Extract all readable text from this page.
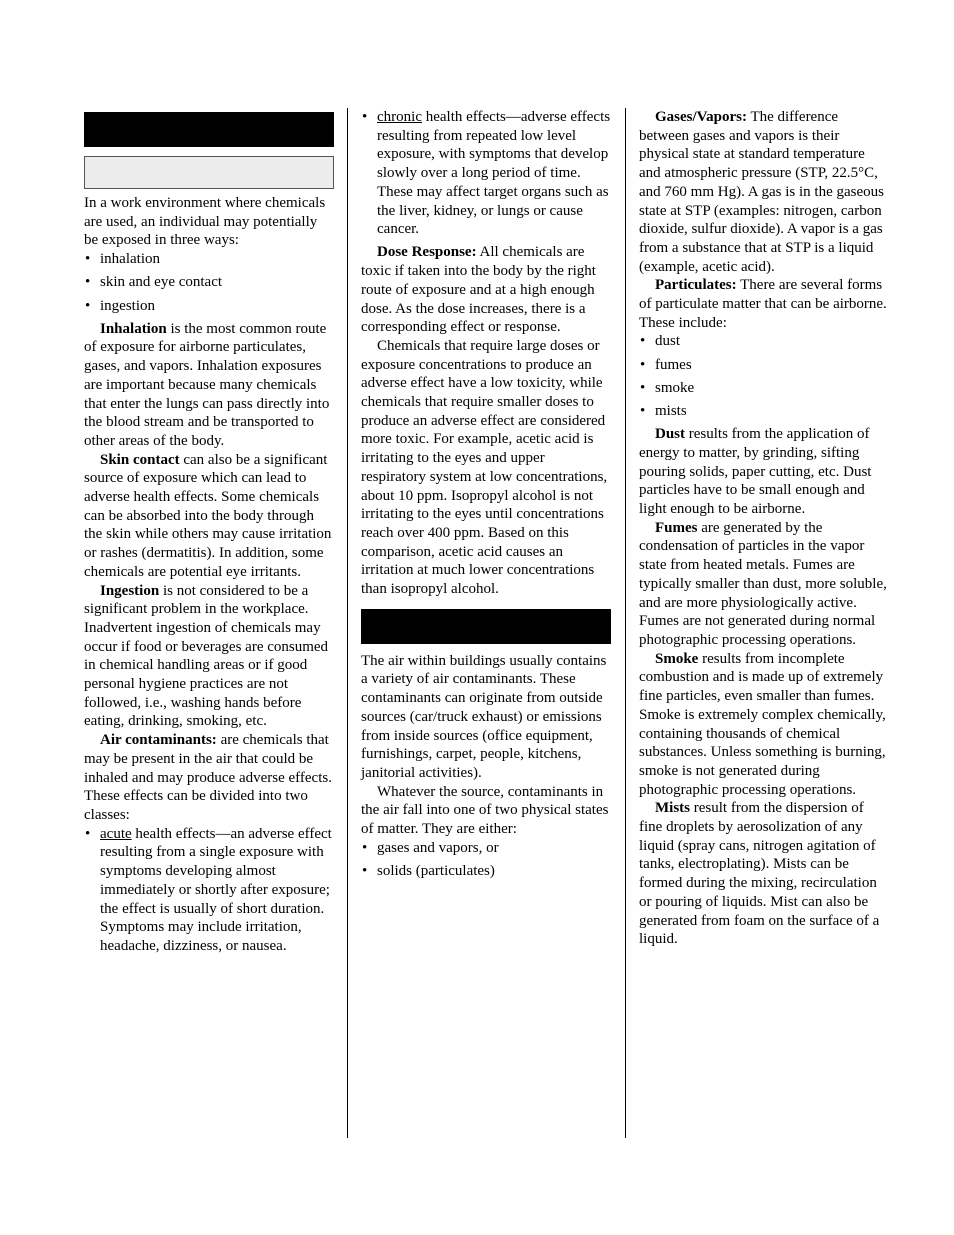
In a work environment where chemicals are used, an individual may potentially be exposed in three ways:

• inhalation
• skin and eye contact
• ingestion

Inhalation is the most common route of exposure for airborne particulates, gases, and vapors. Inhalation exposures are important because many chemicals that enter the lungs can pass directly into the blood stream and be transported to other areas of the body.

Skin contact can also be a significant source of exposure which can lead to adverse health effects. Some chemicals can be absorbed into the body through the skin while others may cause irritation or rashes (dermatitis). In addition, some chemicals are potential eye irritants.

Ingestion is not considered to be a significant problem in the workplace. Inadvertent ingestion of chemicals may occur if food or beverages are consumed in chemical handling areas or if good personal hygiene practices are not followed, i.e., washing hands before eating, drinking, smoking, etc.

Air contaminants: are chemicals that may be present in the air that could be inhaled and may produce adverse effects. These effects can be divided into two classes:

• acute health effects—an adverse effect resulting from a single exposure with symptoms developing almost immediately or shortly after exposure; the effect is usually of short duration. Symptoms may include irritation, headache, dizziness, or nausea.
• chronic health effects—adverse effects resulting from repeated low level exposure, with symptoms that develop slowly over a long period of time. These may affect target organs such as the liver, kidney, or lungs or cause cancer.

Dose Response: All chemicals are toxic if taken into the body by the right route of exposure and at a high enough dose. As the dose increases, there is a corresponding effect or response.

Chemicals that require large doses or exposure concentrations to produce an adverse effect have a low toxicity, while chemicals that require smaller doses to produce an adverse effect are considered more toxic. For example, acetic acid is irritating to the eyes and upper respiratory system at low concentrations, about 10 ppm. Isopropyl alcohol is not irritating to the eyes until concentrations reach over 400 ppm. Based on this comparison, acetic acid causes an irritation at much lower concentrations than isopropyl alcohol.

The air within buildings usually contains a variety of air contaminants. These contaminants can originate from outside sources (car/truck exhaust) or emissions from inside sources (office equipment, furnishings, carpet, people, kitchens, janitorial activities).

Whatever the source, contaminants in the air fall into one of two physical states of matter. They are either:

• gases and vapors, or
• solids (particulates)

Gases/Vapors: The difference between gases and vapors is their physical state at standard temperature and atmospheric pressure (STP, 22.5°C, and 760 mm Hg). A gas is in the gaseous state at STP (examples: nitrogen, carbon dioxide, sulfur dioxide). A vapor is a gas from a substance that at STP is a liquid (example, acetic acid).

Particulates: There are several forms of particulate matter that can be airborne. These include:

• dust
• fumes
• smoke
• mists

Dust results from the application of energy to matter, by grinding, sifting pouring solids, paper cutting, etc. Dust particles have to be small enough and light enough to be airborne.

Fumes are generated by the condensation of particles in the vapor state from heated metals. Fumes are typically smaller than dust, more soluble, and are more physiologically active. Fumes are not generated during normal photographic processing operations.

Smoke results from incomplete combustion and is made up of extremely fine particles, even smaller than fumes. Smoke is extremely complex chemically, containing thousands of chemical substances. Unless something is burning, smoke is not generated during photographic processing operations.

Mists result from the dispersion of fine droplets by aerosolization of any liquid (spray cans, nitrogen agitation of tanks, electroplating). Mists can be formed during the mixing, recirculation or pouring of liquids. Mist can also be generated from foam on the surface of a liquid.
